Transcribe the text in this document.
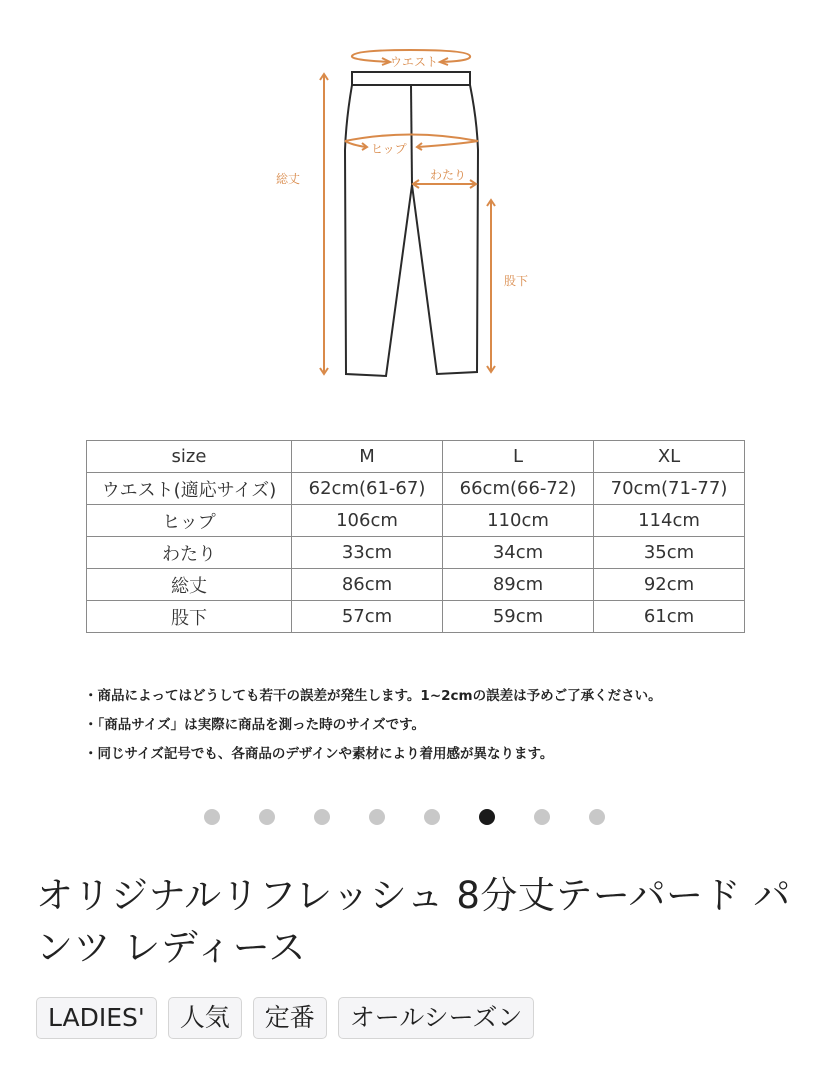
ウエスト
ヒップ
わたり
総丈
股下
size	M	L	XL
ウエスト(適応サイズ)	62cm(61-67)	66cm(66-72)	70cm(71-77)
ヒップ	106cm	110cm	114cm
わたり	33cm	34cm	35cm
総丈	86cm	89cm	92cm
股下	57cm	59cm	61cm
・商品によってはどうしても若干の誤差が発生します。1~2cmの誤差は予めご了承ください。
・「商品サイズ」は実際に商品を測った時のサイズです。
・同じサイズ記号でも、各商品のデザインや素材により着用感が異なります。
オリジナルリフレッシュ 8分丈テーパード パンツ レディース
LADIES'	人気	定番	オールシーズン
